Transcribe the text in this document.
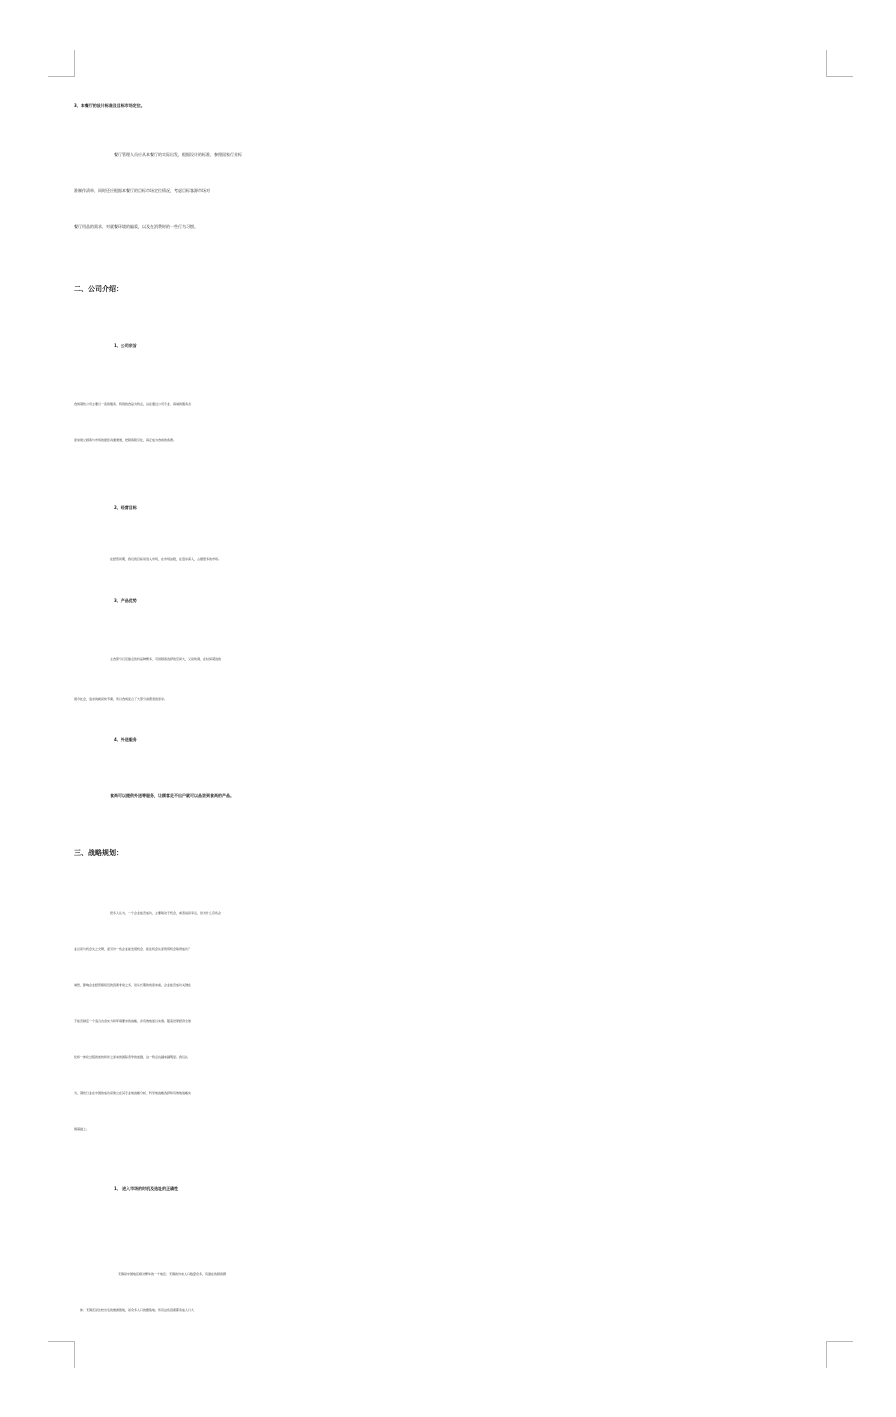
3、本餐厅的设计标准及目标市场定位。

餐厅管理人员应从本餐厅的实际出发，根据设计的标准，参照国家行业标

准制作清单，同时还应根据本餐厅的目标市场定位情况，考虑目标客源市场对

餐厅用品的需求，对就餐环境的偏爱，以及在消费时的一些行为习惯。

二、公司介绍：

1、公司宗旨

食尚餐饮公司主要以一流的服务、特别的食品为特点，旨在通过公司专业、真诚的服务态

度来建立顾客与市场的最佳沟通渠道，把顾客吸引住，真正成为食尚的客源。

2、经营目标

在经营初期，我们的目标是进入市场，在市场站稳，在逐步深入，占据更多的市场。

3、产品优势

主食部分以及甜点饮料品种繁多，可供顾客选择的空间大，又是快餐，在时间紧迫的

现今社会，追求的就是快节奏，所以食尚迎合了大部分消费者的需求。

4、外送服务

食尚可以提供外送等服务，让顾客足不出户就可以品尝到食尚的产品。

三、战略规划：

很多人认为，一个企业能否成功，主要取决于机会，或者说是幸运，但为什么有些企

业总是与机会失之交臂，而另外一些企业能发现机会、抓住机会从而利用机会取得成功？

诚然，影响企业经营绩将近的因素非常之多，但从长期的角度来看，企业能否成功关键在

于能否制定一个适合自身实力和环境要求的战略，并有效地加以实施。随着世界经济全球

化和一体化过程的加快和伴之而来的国际竞争的加剧，这一特点也越来越明显。我们认

为，餐饮行业在中国的成功是建立在其专业地战略分析、科学地战略选择和有效地战略实

施基础上。

1、 进入市场的时机及选址的正确性

无锡是中国地区相对繁华的一个地区；无锡的外来人口数量众多，有潜在的顾客群

体；无锡还是比较出名的旅游胜地，是众多人口的聚集地。所有这些因素都造成人口大
